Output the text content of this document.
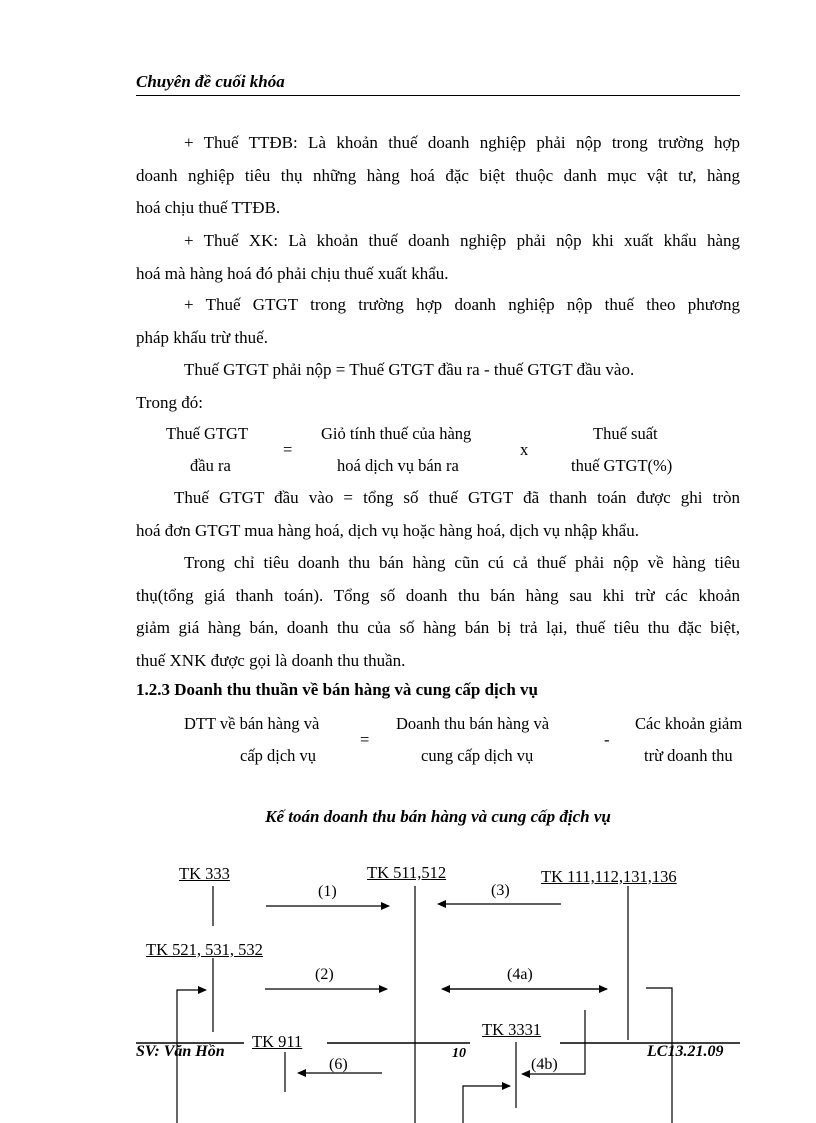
Chuyên đề cuối khóa
+ Thuế TTĐB: Là khoản thuế doanh nghiệp phải nộp trong trường hợp
doanh nghiệp tiêu thụ những hàng hoá đặc biệt thuộc danh mục vật tư, hàng
hoá chịu thuế TTĐB.
+ Thuế XK: Là khoản thuế doanh nghiệp phải nộp khi xuất khẩu hàng
hoá mà hàng hoá đó phải chịu thuế xuất khẩu.
+ Thuế GTGT trong trường hợp doanh nghiệp nộp thuế theo phương
pháp khấu trừ thuế.
Thuế GTGT phải nộp = Thuế GTGT đầu ra - thuế GTGT đầu vào.
Trong đó:
Thuế GTGT
đầu ra
=
Giỏ tính thuế của hàng
hoá dịch vụ bán ra
x
Thuế suất
thuế GTGT(%)
Thuế GTGT đầu vào = tổng số thuế GTGT đã thanh toán được ghi tròn
hoá đơn GTGT mua hàng hoá, dịch vụ hoặc hàng hoá, dịch vụ nhập khẩu.
Trong chỉ tiêu doanh thu bán hàng cũn cú cả thuế phải nộp về hàng tiêu
thụ(tổng giá thanh toán). Tổng số doanh thu bán hàng sau khi trừ các khoản
giảm giá hàng bán, doanh thu của số hàng bán bị trả lại, thuế tiêu thu đặc biệt,
thuế XNK được gọi là doanh thu thuần.
1.2.3 Doanh thu thuần về bán hàng và cung cấp dịch vụ
DTT về bán hàng và
cấp dịch vụ
=
Doanh thu bán hàng và
cung cấp dịch vụ
-
Các khoản giảm
trừ doanh thu
Kế toán doanh thu bán hàng và cung cấp địch vụ
TK 333	TK 511,512	TK 111,112,131,136
TK 521, 531, 532
TK 911
TK 3331
(1)	(3)
(2)	(4a)
(6)	(4b)
SV: Văn Hồn	10	LC13.21.09
